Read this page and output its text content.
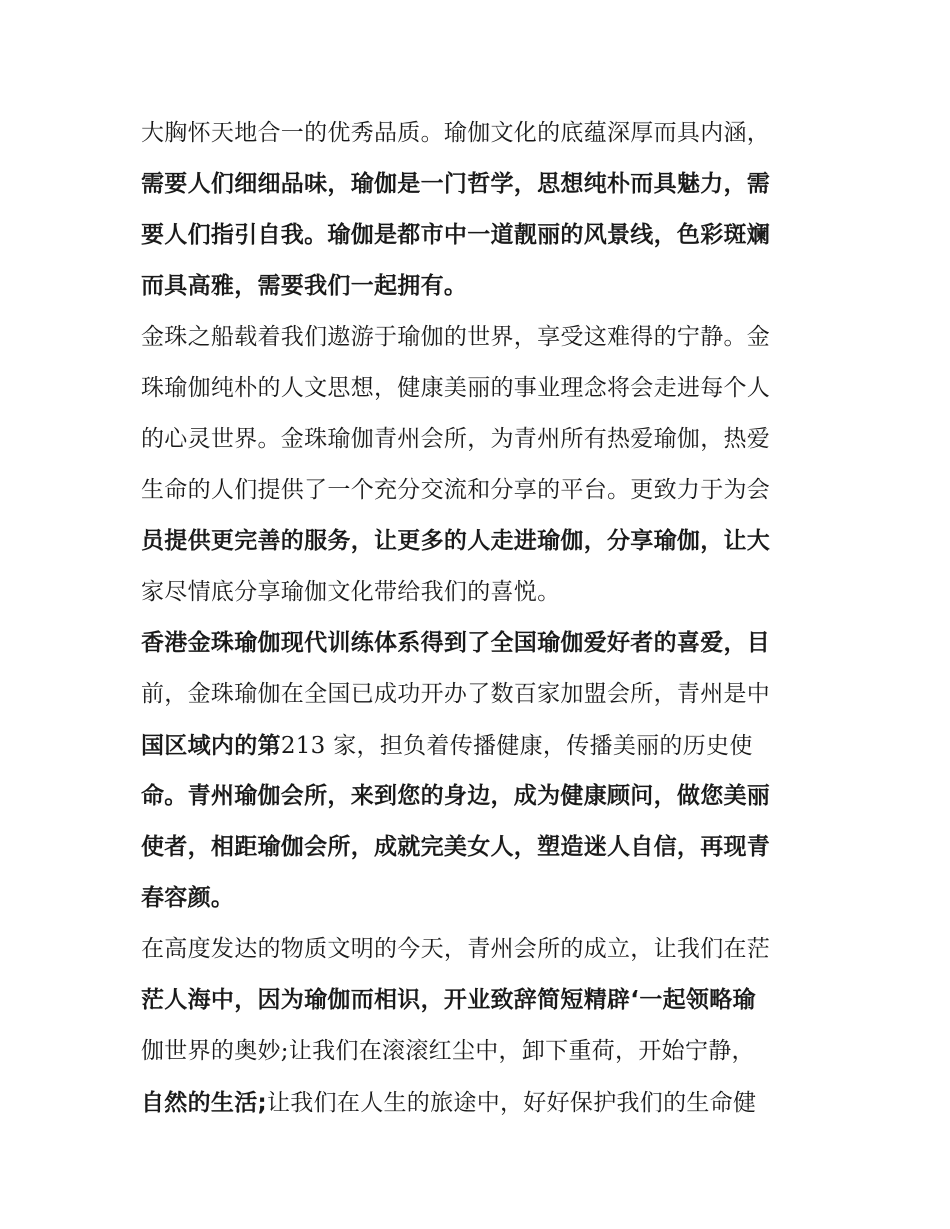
大胸怀天地合一的优秀品质。瑜伽文化的底蕴深厚而具内涵，
需要人们细细品味，瑜伽是一门哲学，思想纯朴而具魅力，需
要人们指引自我。瑜伽是都市中一道靓丽的风景线，色彩斑斓
而具高雅，需要我们一起拥有。
金珠之船载着我们遨游于瑜伽的世界，享受这难得的宁静。金
珠瑜伽纯朴的人文思想，健康美丽的事业理念将会走进每个人
的心灵世界。金珠瑜伽青州会所，为青州所有热爱瑜伽，热爱
生命的人们提供了一个充分交流和分享的平台。更致力于为会
员提供更完善的服务，让更多的人走进瑜伽，分享瑜伽，让大
家尽情底分享瑜伽文化带给我们的喜悦。
香港金珠瑜伽现代训练体系得到了全国瑜伽爱好者的喜爱，目
前，金珠瑜伽在全国已成功开办了数百家加盟会所，青州是中
国区域内的第213 家，担负着传播健康，传播美丽的历史使
命。青州瑜伽会所，来到您的身边，成为健康顾问，做您美丽
使者，相距瑜伽会所，成就完美女人，塑造迷人自信，再现青
春容颜。
在高度发达的物质文明的今天，青州会所的成立，让我们在茫
茫人海中，因为瑜伽而相识，开业致辞简短精辟‘一起领略瑜
伽世界的奥妙;让我们在滚滚红尘中，卸下重荷，开始宁静，
自然的生活;让我们在人生的旅途中，好好保护我们的生命健
